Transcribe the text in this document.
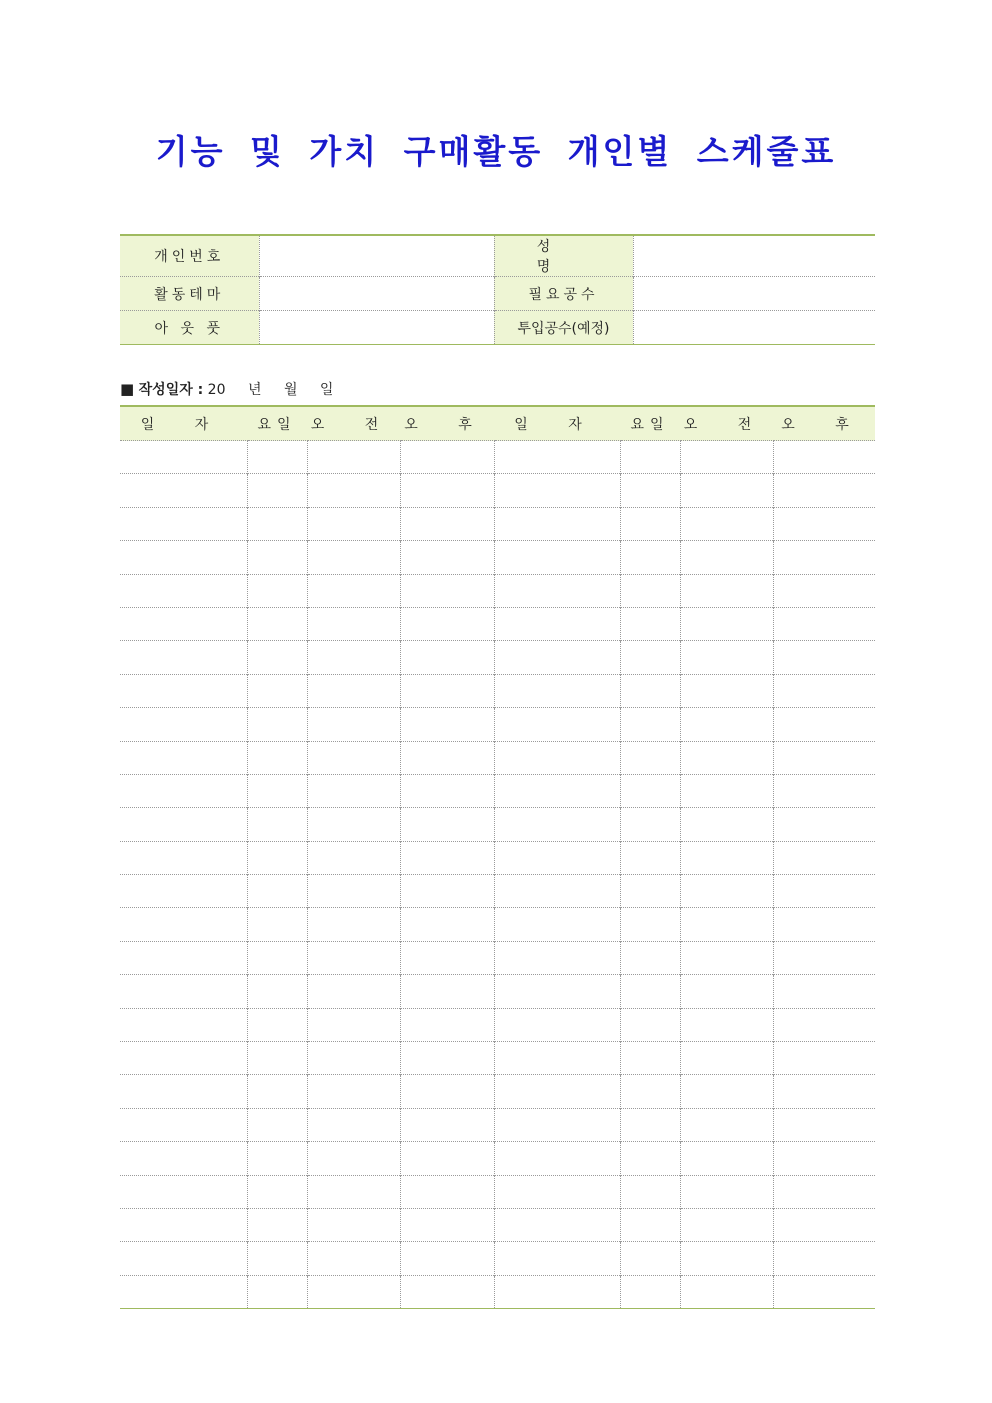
기능 및 가치 구매활동 개인별 스케줄표
개인번호		성 명	
활동테마		필요공수	
아 웃 풋		투입공수(예정)	
■ 작성일자 : 20 년 월 일
일 자	요일	오 전	오 후	일 자	요일	오 전	오 후
